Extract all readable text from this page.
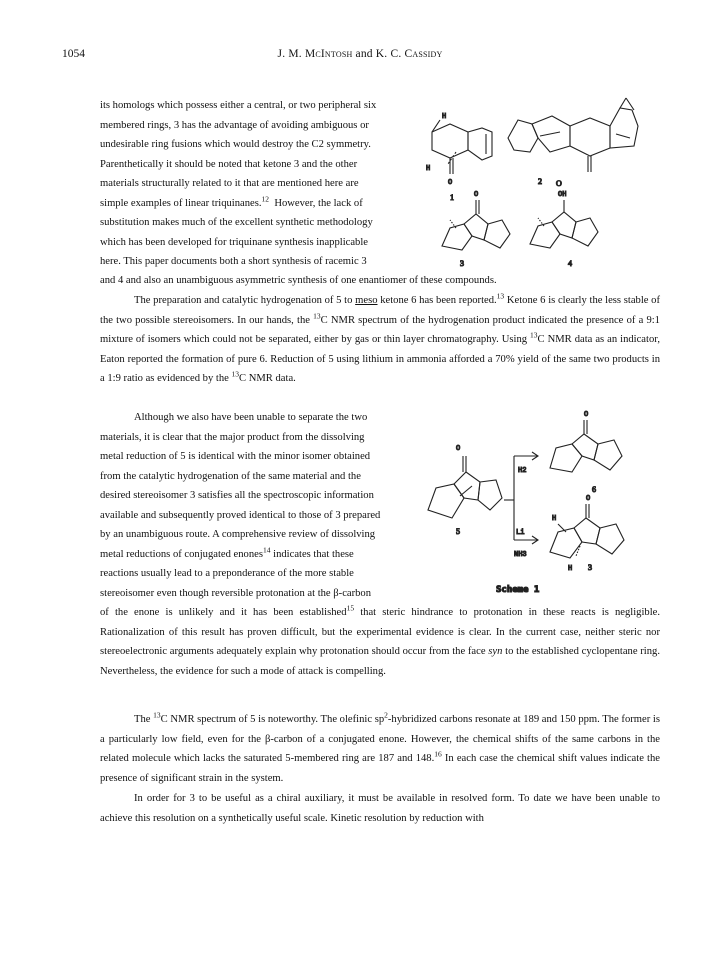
1054	J. M. McIntosh and K. C. Cassidy
its homologs which possess either a central, or two peripheral six
membered rings, 3 has the advantage of avoiding ambiguous or
undesirable ring fusions which would destroy the C2 symmetry.
Parenthetically it should be noted that ketone 3 and the other
materials structurally related to it that are mentioned here are
simple examples of linear triquinanes.$^{12}$ However, the lack of
substitution makes much of the excellent synthetic methodology
which has been developed for triquinane synthesis inapplicable
here. This paper documents both a short synthesis of racemic 3
and 4 and also an unambiguous asymmetric synthesis of one enantiomer of these compounds.
The preparation and catalytic hydrogenation of 5 to meso ketone 6 has been reported.$^{13}$ Ketone 6 is clearly the less stable of the two possible stereoisomers. In our hands, the $^{13}$C NMR spectrum of the hydrogenation product indicated the presence of a 9:1 mixture of isomers which could not be separated, either by gas or thin layer chromatography. Using $^{13}$C NMR data as an indicator, Eaton reported the formation of pure 6. Reduction of 5 using lithium in ammonia afforded a 70% yield of the same two products in a 1:9 ratio as evidenced by the $^{13}$C NMR data.
Although we also have been unable to separate the two
materials, it is clear that the major product from the dissolving
metal reduction of 5 is identical with the minor isomer obtained
from the catalytic hydrogenation of the same material and the
desired stereoisomer 3 satisfies all the spectroscopic information
available and subsequently proved identical to those of 3 prepared
by an unambiguous route. A comprehensive review of dissolving
metal reductions of conjugated enones$^{14}$ indicates that these
reactions usually lead to a preponderance of the more stable
stereoisomer even though reversible protonation at the β-carbon
of the enone is unlikely and it has been established$^{15}$ that steric hindrance to protonation in these reacts is negligible. Rationalization of this result has proven difficult, but the experimental evidence is clear. In the current case, neither steric nor stereoelectronic arguments adequately explain why protonation should occur from the face syn to the established cyclopentane ring. Nevertheless, the evidence for such a mode of attack is compelling.
The $^{13}$C NMR spectrum of 5 is noteworthy. The olefinic $sp^2$-hybridized carbons resonate at 189 and 150 ppm. The former is a particularly low field, even for the β-carbon of a conjugated enone. However, the chemical shifts of the same carbons in the related molecule which lacks the saturated 5-membered ring are 187 and 148.16 In each case the chemical shift values indicate the presence of significant strain in the system.
In order for 3 to be useful as a chiral auxiliary, it must be available in resolved form. To date we have been unable to achieve this resolution on a synthetically useful scale. Kinetic resolution by reduction with
H
H
O
1
2 O
O
3
OH
4
O
5
H2
Li
NH3
O
6
O
H
H 3
Scheme 1
